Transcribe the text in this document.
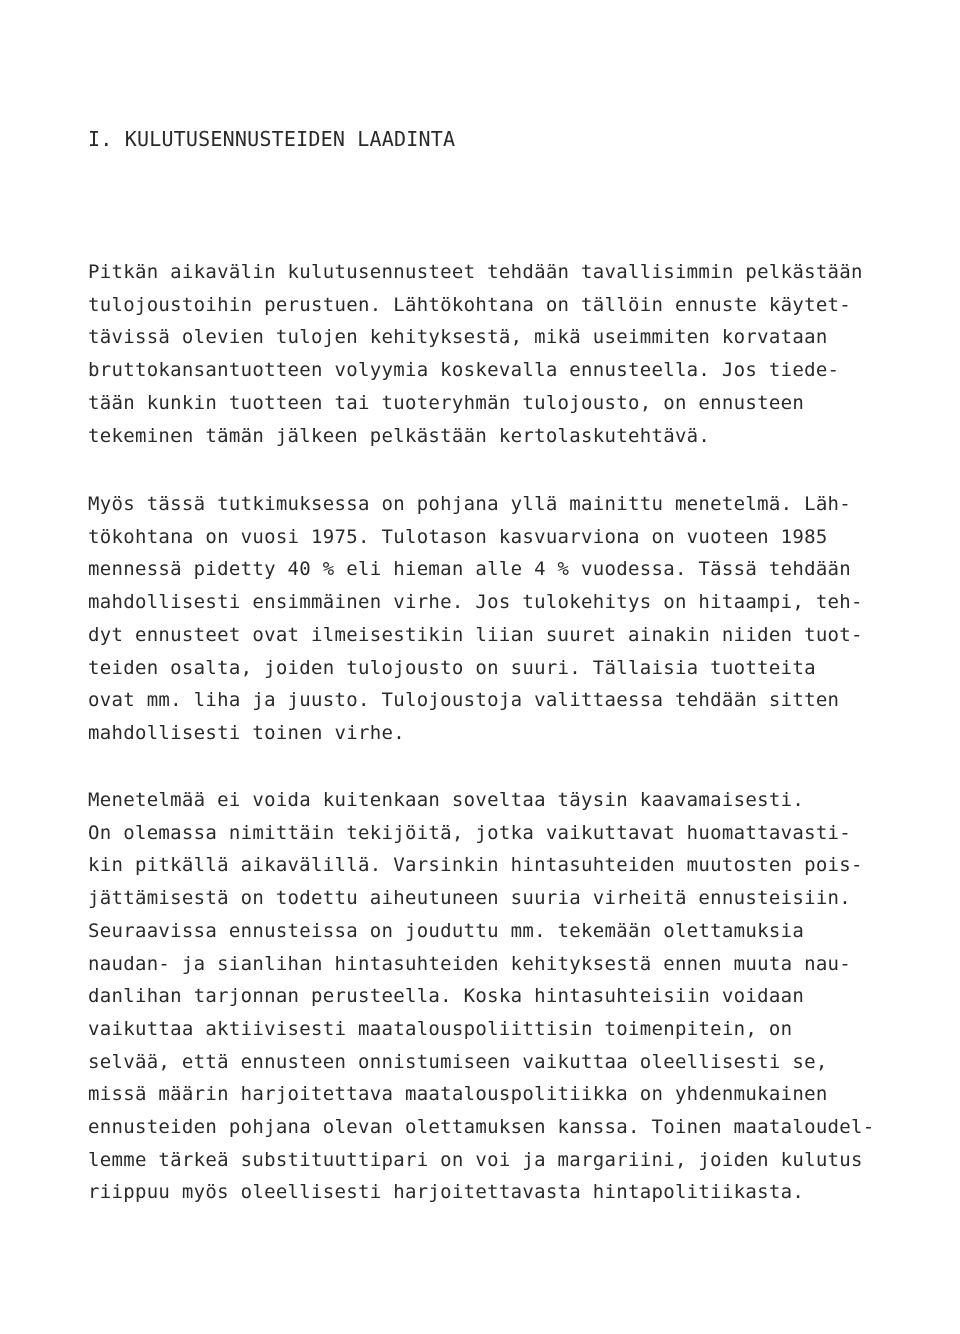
I. KULUTUSENNUSTEIDEN LAADINTA
Pitkän aikavälin kulutusennusteet tehdään tavallisimmin pelkästään
tulojoustoihin perustuen. Lähtökohtana on tällöin ennuste käytet-
tävissä olevien tulojen kehityksestä, mikä useimmiten korvataan
bruttokansantuotteen volyymia koskevalla ennusteella. Jos tiede-
tään kunkin tuotteen tai tuoteryhmän tulojousto, on ennusteen
tekeminen tämän jälkeen pelkästään kertolaskutehtävä.
Myös tässä tutkimuksessa on pohjana yllä mainittu menetelmä. Läh-
tökohtana on vuosi 1975. Tulotason kasvuarviona on vuoteen 1985
mennessä pidetty 40 % eli hieman alle 4 % vuodessa. Tässä tehdään
mahdollisesti ensimmäinen virhe. Jos tulokehitys on hitaampi, teh-
dyt ennusteet ovat ilmeisestikin liian suuret ainakin niiden tuot-
teiden osalta, joiden tulojousto on suuri. Tällaisia tuotteita
ovat mm. liha ja juusto. Tulojoustoja valittaessa tehdään sitten
mahdollisesti toinen virhe.
Menetelmää ei voida kuitenkaan soveltaa täysin kaavamaisesti.
On olemassa nimittäin tekijöitä, jotka vaikuttavat huomattavasti-
kin pitkällä aikavälillä. Varsinkin hintasuhteiden muutosten pois-
jättämisestä on todettu aiheutuneen suuria virheitä ennusteisiin.
Seuraavissa ennusteissa on jouduttu mm. tekemään olettamuksia
naudan- ja sianlihan hintasuhteiden kehityksestä ennen muuta nau-
danlihan tarjonnan perusteella. Koska hintasuhteisiin voidaan
vaikuttaa aktiivisesti maatalouspoliittisin toimenpitein, on
selvää, että ennusteen onnistumiseen vaikuttaa oleellisesti se,
missä määrin harjoitettava maatalouspolitiikka on yhdenmukainen
ennusteiden pohjana olevan olettamuksen kanssa. Toinen maataloudel-
lemme tärkeä substituuttipari on voi ja margariini, joiden kulutus
riippuu myös oleellisesti harjoitettavasta hintapolitiikasta.
